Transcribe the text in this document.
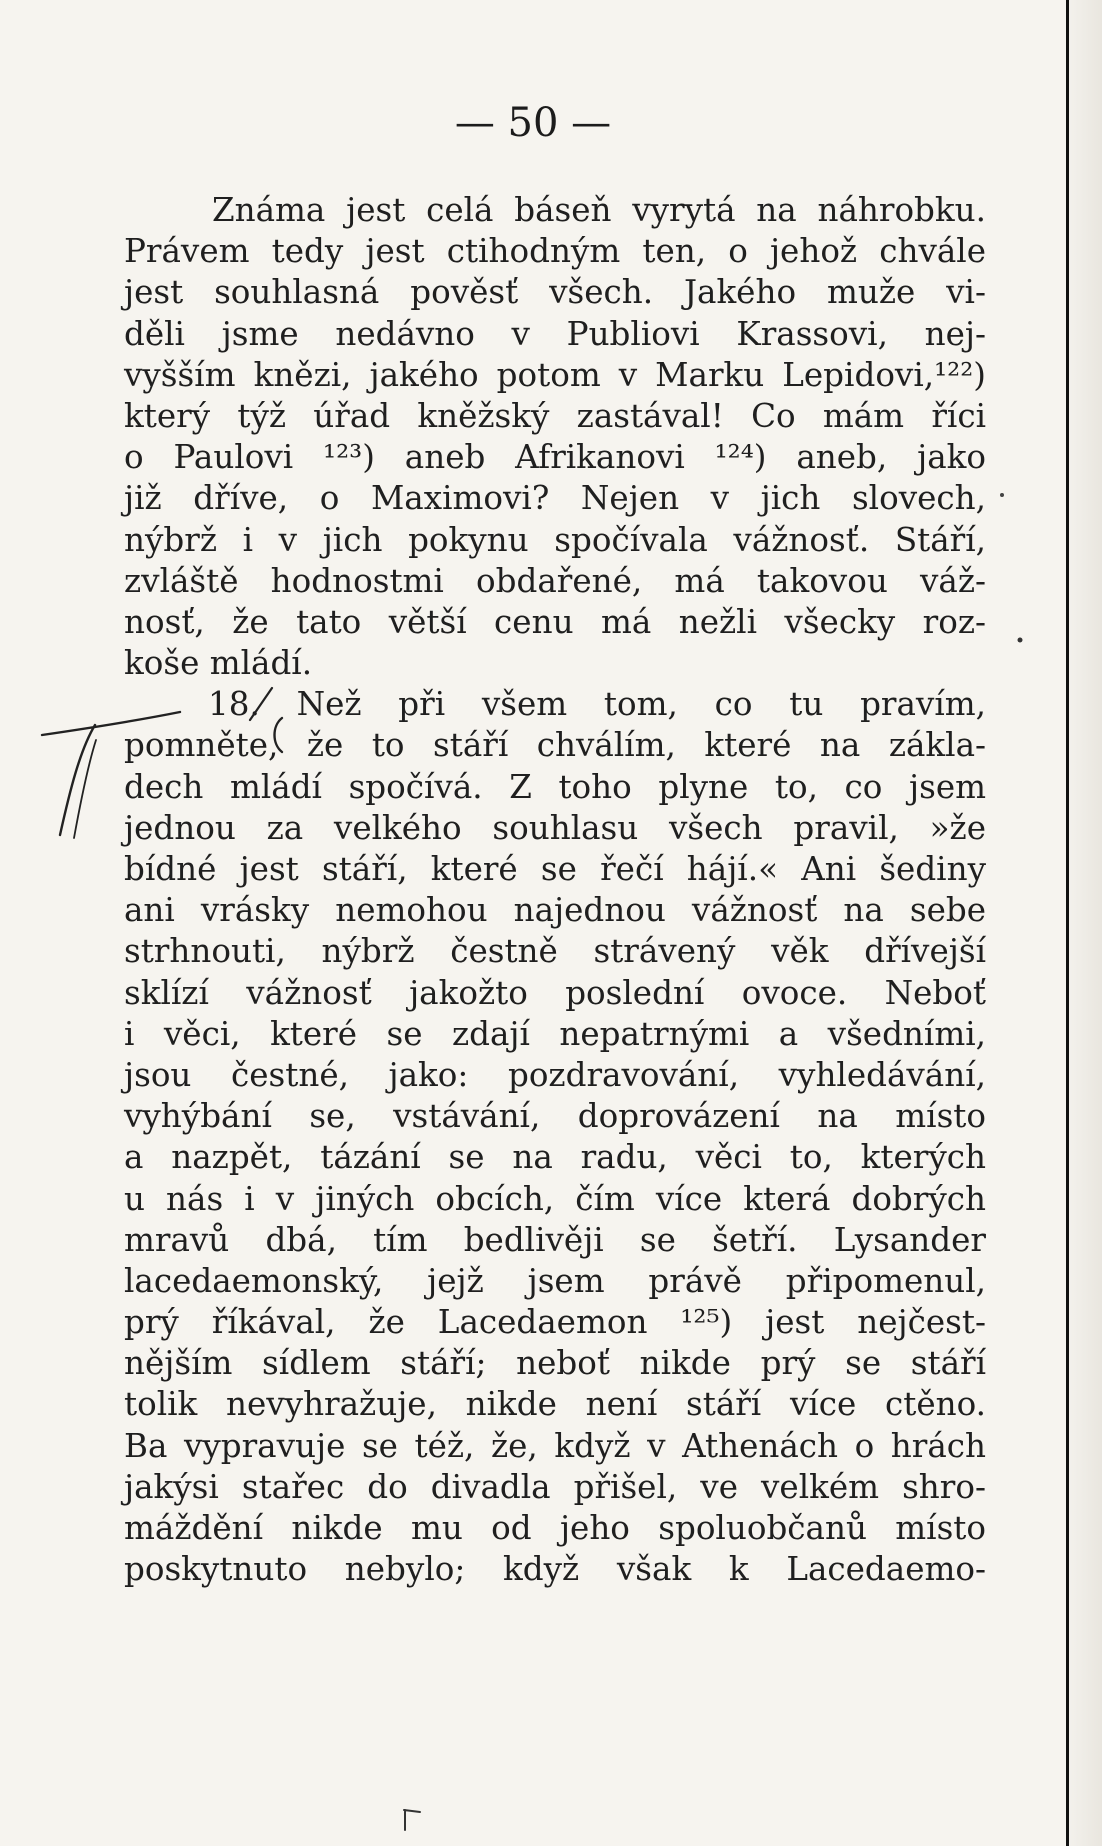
— 50 —
Známa jest celá báseň vyrytá na náhrobku.
Právem tedy jest ctihodným ten, o jehož chvále
jest souhlasná pověsť všech. Jakého muže vi-
děli jsme nedávno v Publiovi Krassovi, nej-
vyšším knězi, jakého potom v Marku Lepidovi,¹²²)
který týž úřad kněžský zastával! Co mám říci
o Paulovi ¹²³) aneb Afrikanovi ¹²⁴) aneb, jako
již dříve, o Maximovi? Nejen v jich slovech,
nýbrž i v jich pokynu spočívala vážnosť. Stáří,
zvláště hodnostmi obdařené, má takovou váž-
nosť, že tato větší cenu má nežli všecky roz-
koše mládí.
18. Než při všem tom, co tu pravím,
pomněte, že to stáří chválím, které na zákla-
dech mládí spočívá. Z toho plyne to, co jsem
jednou za velkého souhlasu všech pravil, »že
bídné jest stáří, které se řečí hájí.« Ani šediny
ani vrásky nemohou najednou vážnosť na sebe
strhnouti, nýbrž čestně strávený věk dřívejší
sklízí vážnosť jakožto poslední ovoce. Neboť
i věci, které se zdají nepatrnými a všedními,
jsou čestné, jako: pozdravování, vyhledávání,
vyhýbání se, vstávání, doprovázení na místo
a nazpět, tázání se na radu, věci to, kterých
u nás i v jiných obcích, čím více která dobrých
mravů dbá, tím bedlivěji se šetří. Lysander
lacedaemonský, jejž jsem právě připomenul,
prý říkával, že Lacedaemon ¹²⁵) jest nejčest-
nějším sídlem stáří; neboť nikde prý se stáří
tolik nevyhražuje, nikde není stáří více ctěno.
Ba vypravuje se též, že, když v Athenách o hrách
jakýsi stařec do divadla přišel, ve velkém shro-
máždění nikde mu od jeho spoluobčanů místo
poskytnuto nebylo; když však k Lacedaemo-
